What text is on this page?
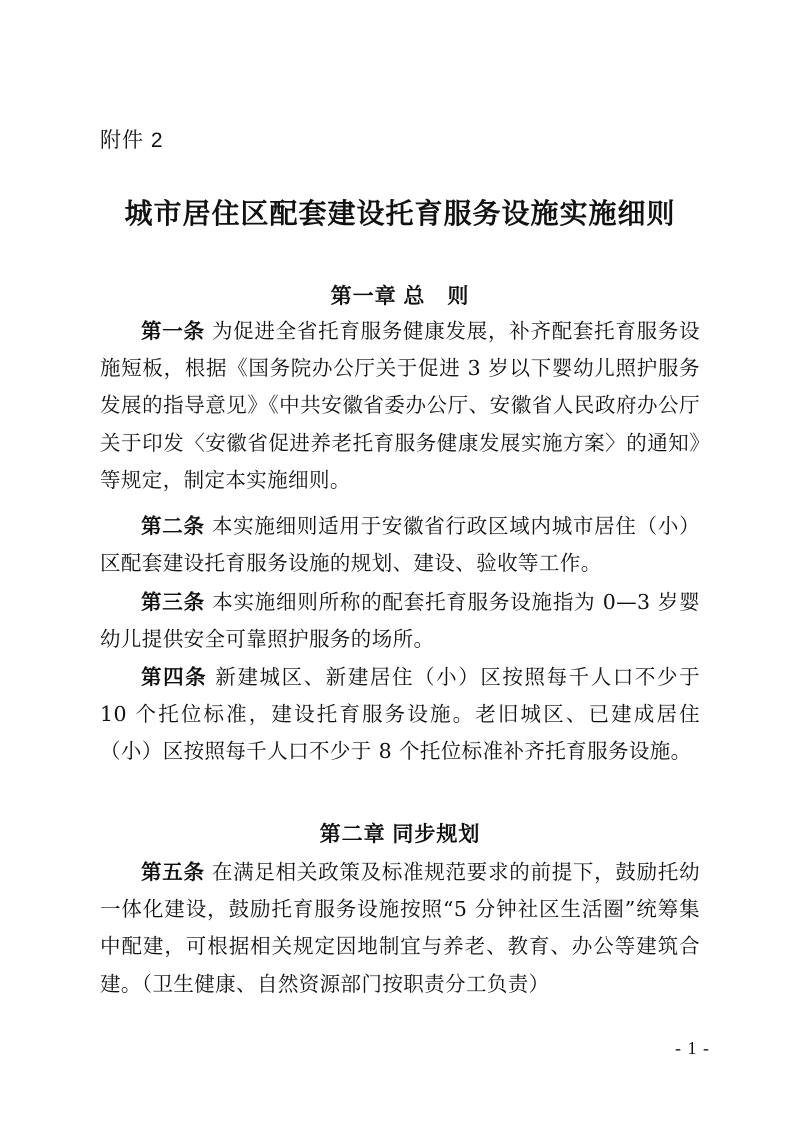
附件 2
城市居住区配套建设托育服务设施实施细则
第一章 总　则

第一条 为促进全省托育服务健康发展，补齐配套托育服务设施短板，根据《国务院办公厅关于促进 3 岁以下婴幼儿照护服务发展的指导意见》《中共安徽省委办公厅、安徽省人民政府办公厅关于印发〈安徽省促进养老托育服务健康发展实施方案〉的通知》等规定，制定本实施细则。

第二条 本实施细则适用于安徽省行政区域内城市居住（小）区配套建设托育服务设施的规划、建设、验收等工作。

第三条 本实施细则所称的配套托育服务设施指为 0—3 岁婴幼儿提供安全可靠照护服务的场所。

第四条 新建城区、新建居住（小）区按照每千人口不少于 10 个托位标准，建设托育服务设施。老旧城区、已建成居住（小）区按照每千人口不少于 8 个托位标准补齐托育服务设施。

第二章 同步规划

第五条 在满足相关政策及标准规范要求的前提下，鼓励托幼一体化建设，鼓励托育服务设施按照“5 分钟社区生活圈”统筹集中配建，可根据相关规定因地制宜与养老、教育、办公等建筑合建。（卫生健康、自然资源部门按职责分工负责）

- 1 -
